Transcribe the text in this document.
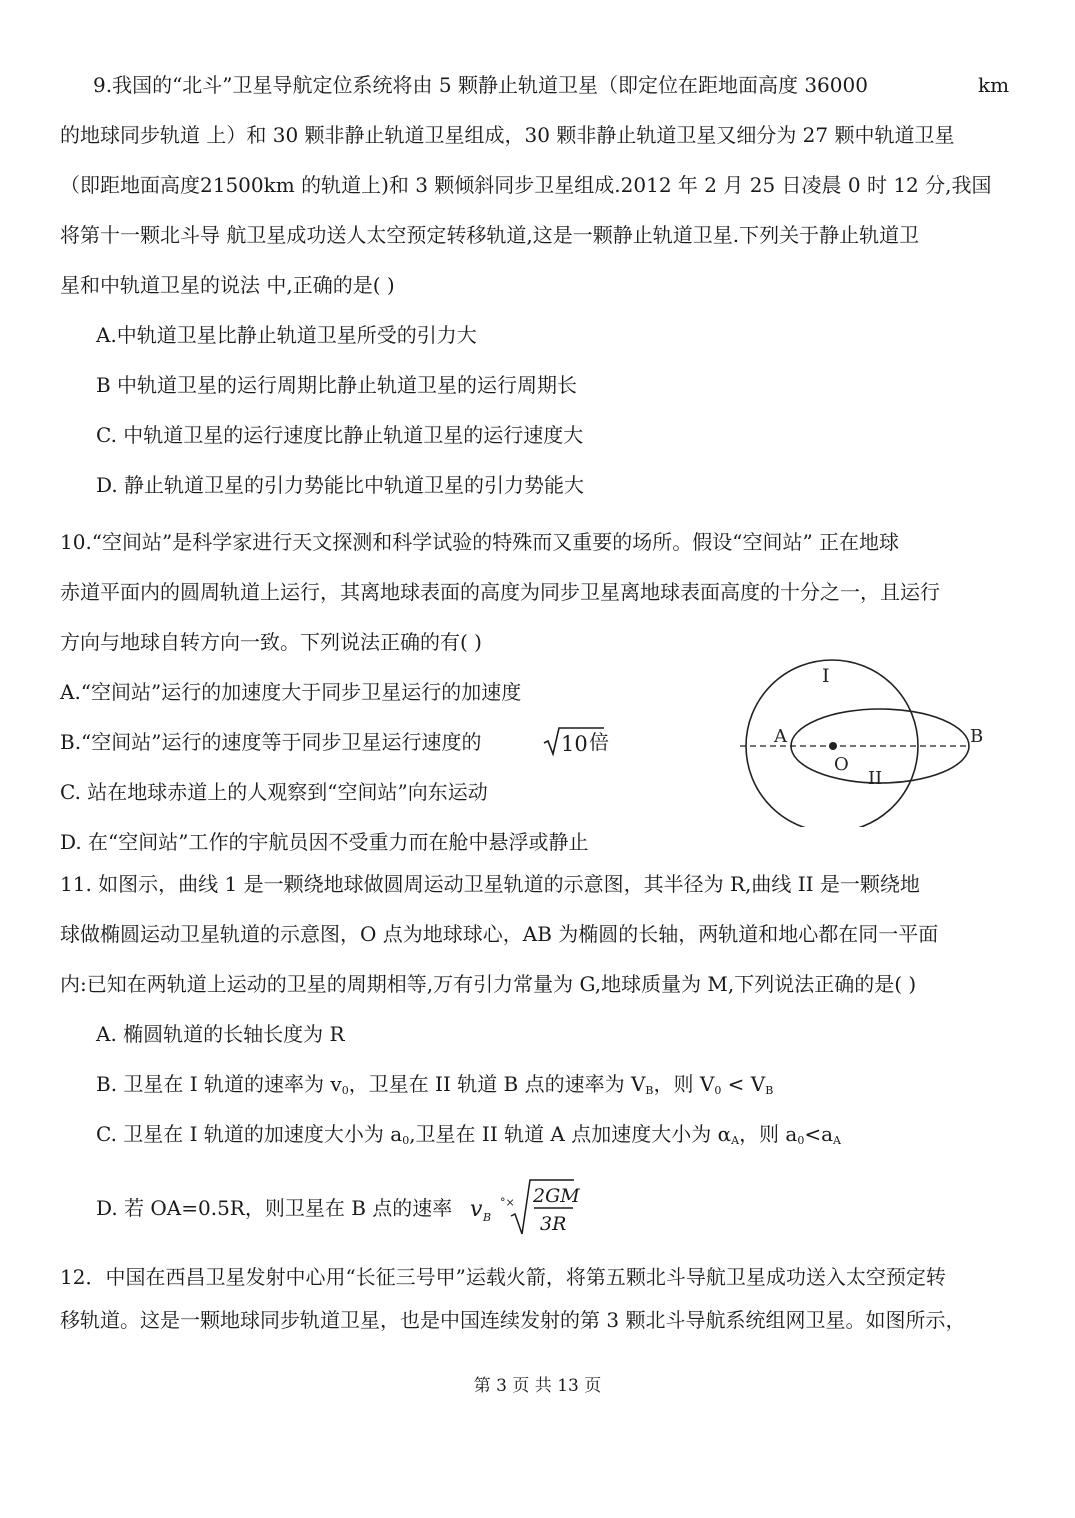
9.我国的“北斗”卫星导航定位系统将由 5 颗静止轨道卫星（即定位在距地面高度 36000	km
的地球同步轨道 上）和 30 颗非静止轨道卫星组成，30 颗非静止轨道卫星又细分为 27 颗中轨道卫星
（即距地面高度21500km 的轨道上)和 3 颗倾斜同步卫星组成.2012 年 2 月 25 日凌晨 0 时 12 分,我国
将第十一颗北斗导 航卫星成功送人太空预定转移轨道,这是一颗静止轨道卫星.下列关于静止轨道卫
星和中轨道卫星的说法 中,正确的是( )
A.中轨道卫星比静止轨道卫星所受的引力大
B 中轨道卫星的运行周期比静止轨道卫星的运行周期长
C. 中轨道卫星的运行速度比静止轨道卫星的运行速度大
D. 静止轨道卫星的引力势能比中轨道卫星的引力势能大
10.“空间站”是科学家进行天文探测和科学试验的特殊而又重要的场所。假设“空间站” 正在地球
赤道平面内的圆周轨道上运行，其离地球表面的高度为同步卫星离地球表面高度的十分之一，且运行
方向与地球自转方向一致。下列说法正确的有( )
A.“空间站”运行的加速度大于同步卫星运行的加速度
B.“空间站”运行的速度等于同步卫星运行速度的	10 倍
C. 站在地球赤道上的人观察到“空间站”向东运动
D. 在“空间站”工作的宇航员因不受重力而在舱中悬浮或静止
I
A	B
O
II
11. 如图示，曲线 1 是一颗绕地球做圆周运动卫星轨道的示意图，其半径为 R,曲线 II 是一颗绕地
球做椭圆运动卫星轨道的示意图，O 点为地球球心，AB 为椭圆的长轴，两轨道和地心都在同一平面
内:已知在两轨道上运动的卫星的周期相等,万有引力常量为 G,地球质量为 M,下列说法正确的是( )
A. 椭圆轨道的长轴长度为 R
B. 卫星在 I 轨道的速率为 $v_0$，卫星在 II 轨道 B 点的速率为 $V_B$，则 $V_0 < V_B$
C. 卫星在 I 轨道的加速度大小为 $a_0$,卫星在 II 轨道 A 点加速度大小为 $\alpha_A$，则 $a_0<a_A$
D. 若 OA=0.5R，则卫星在 B 点的速率 v B
°× 2GM
3R
12．中国在西昌卫星发射中心用“长征三号甲”运载火箭，将第五颗北斗导航卫星成功送入太空预定转
移轨道。这是一颗地球同步轨道卫星，也是中国连续发射的第 3 颗北斗导航系统组网卫星。如图所示，
第 3 页 共 13 页
